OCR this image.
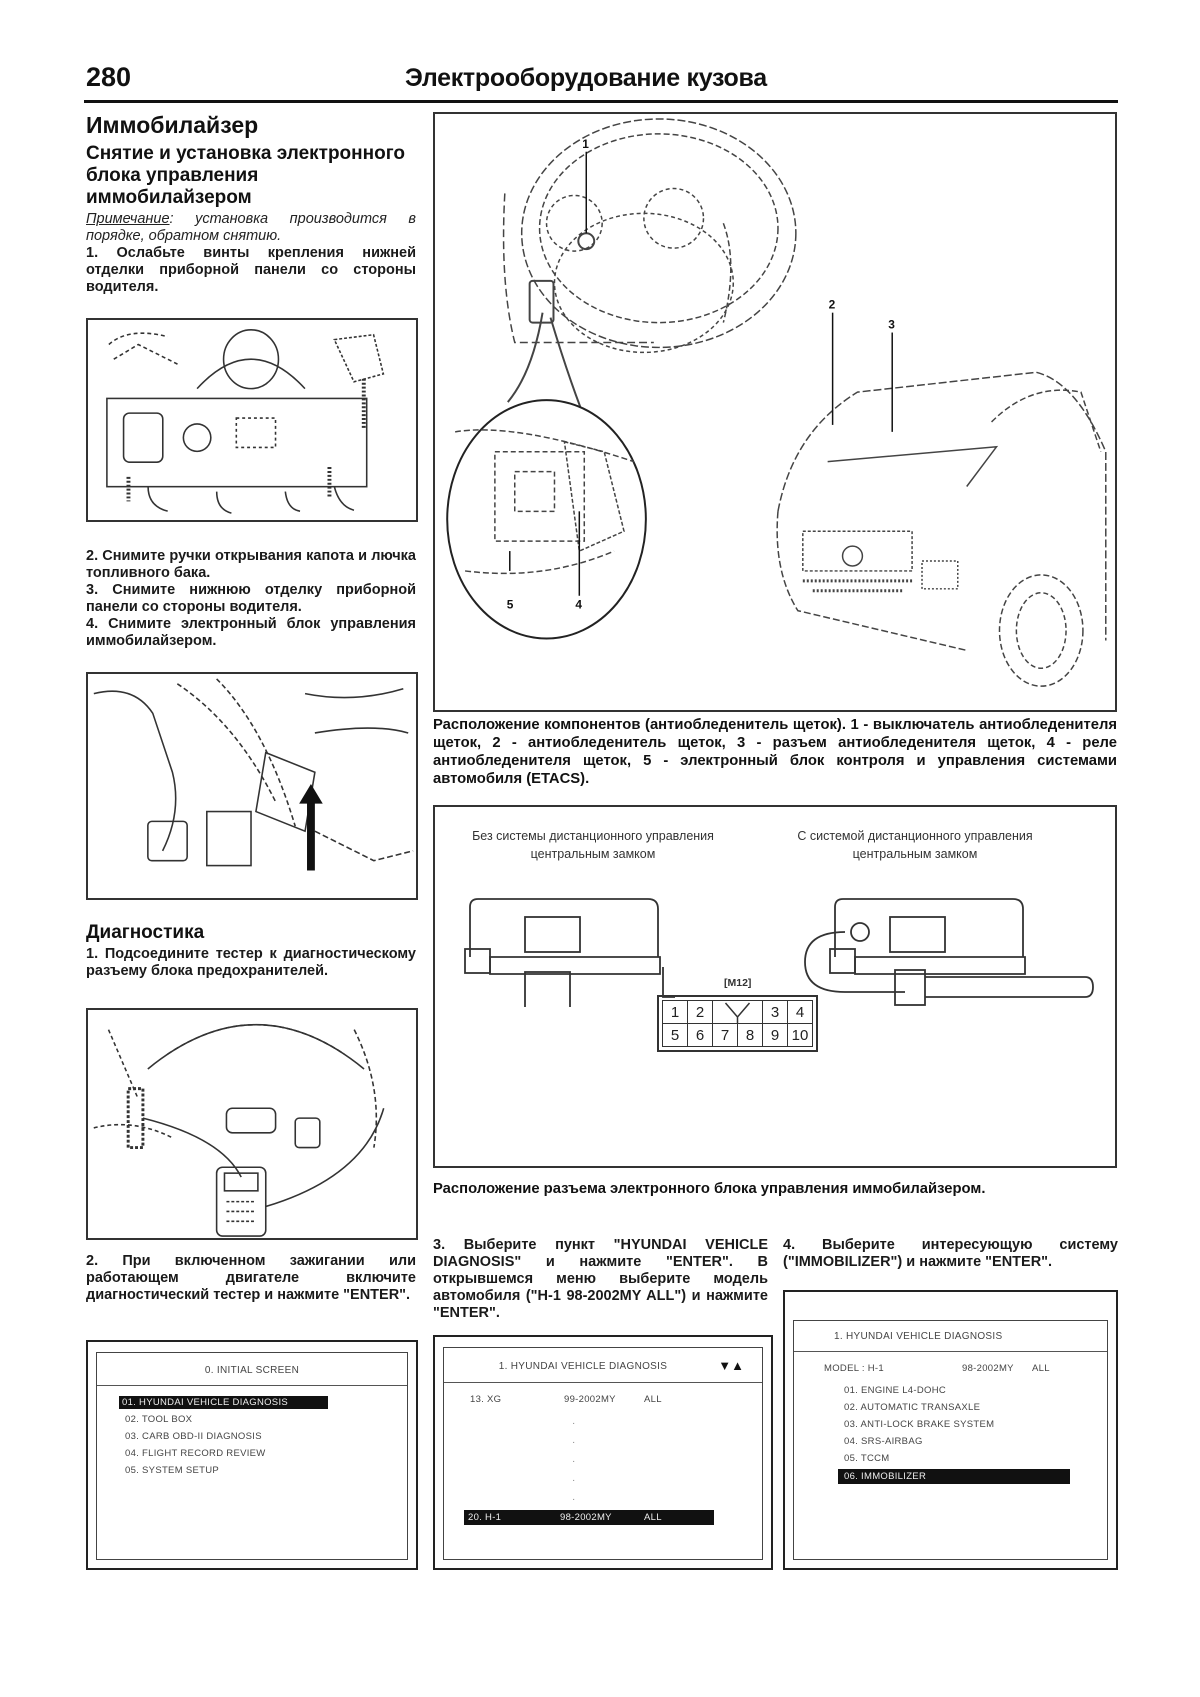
280	Электрооборудование кузова
Иммобилайзер
Снятие и установка электронного блока управления иммобилайзером
Примечание: установка производится в порядке, обратном снятию.
1. Ослабьте винты крепления нижней отделки приборной панели со стороны водителя.
2. Снимите ручки открывания капота и лючка топливного бака.
3. Снимите нижнюю отделку приборной панели со стороны водителя.
4. Снимите электронный блок управления иммобилайзером.
Диагностика
1. Подсоедините тестер к диагностическому разъему блока предохранителей.
2. При включенном зажигании или работающем двигателе включите диагностический тестер и нажмите "ENTER".
0. INITIAL SCREEN
01. HYUNDAI VEHICLE DIAGNOSIS
02. TOOL BOX
03. CARB OBD-II DIAGNOSIS
04. FLIGHT RECORD REVIEW
05. SYSTEM SETUP
1
2
3
4
5
Расположение компонентов (антиобледенитель щеток). 1 - выключатель антиобледенителя щеток, 2 - антиобледенитель щеток, 3 - разъем антиобледенителя щеток, 4 - реле антиобледенителя щеток, 5 - электронный блок контроля и управления системами автомобиля (ETACS).
Без системы дистанционного управления центральным замком
С системой дистанционного управления центральным замком
[M12]
1	2			3	4
5	6	7	8	9	10
Расположение разъема электронного блока управления иммобилайзером.
3. Выберите пункт "HYUNDAI VEHICLE DIAGNOSIS" и нажмите "ENTER". В открывшемся меню выберите модель автомобиля ("H-1 98-2002MY ALL") и нажмите "ENTER".
4. Выберите интересующую систему ("IMMOBILIZER") и нажмите "ENTER".
1. HYUNDAI VEHICLE DIAGNOSIS	▼▲
13. XG	99-2002MY	ALL
·
·
·
·
·
20. H-1	98-2002MY	ALL
1. HYUNDAI VEHICLE DIAGNOSIS
MODEL : H-1	98-2002MY ALL
01. ENGINE L4-DOHC
02. AUTOMATIC TRANSAXLE
03. ANTI-LOCK BRAKE SYSTEM
04. SRS-AIRBAG
05. TCCM
06. IMMOBILIZER
